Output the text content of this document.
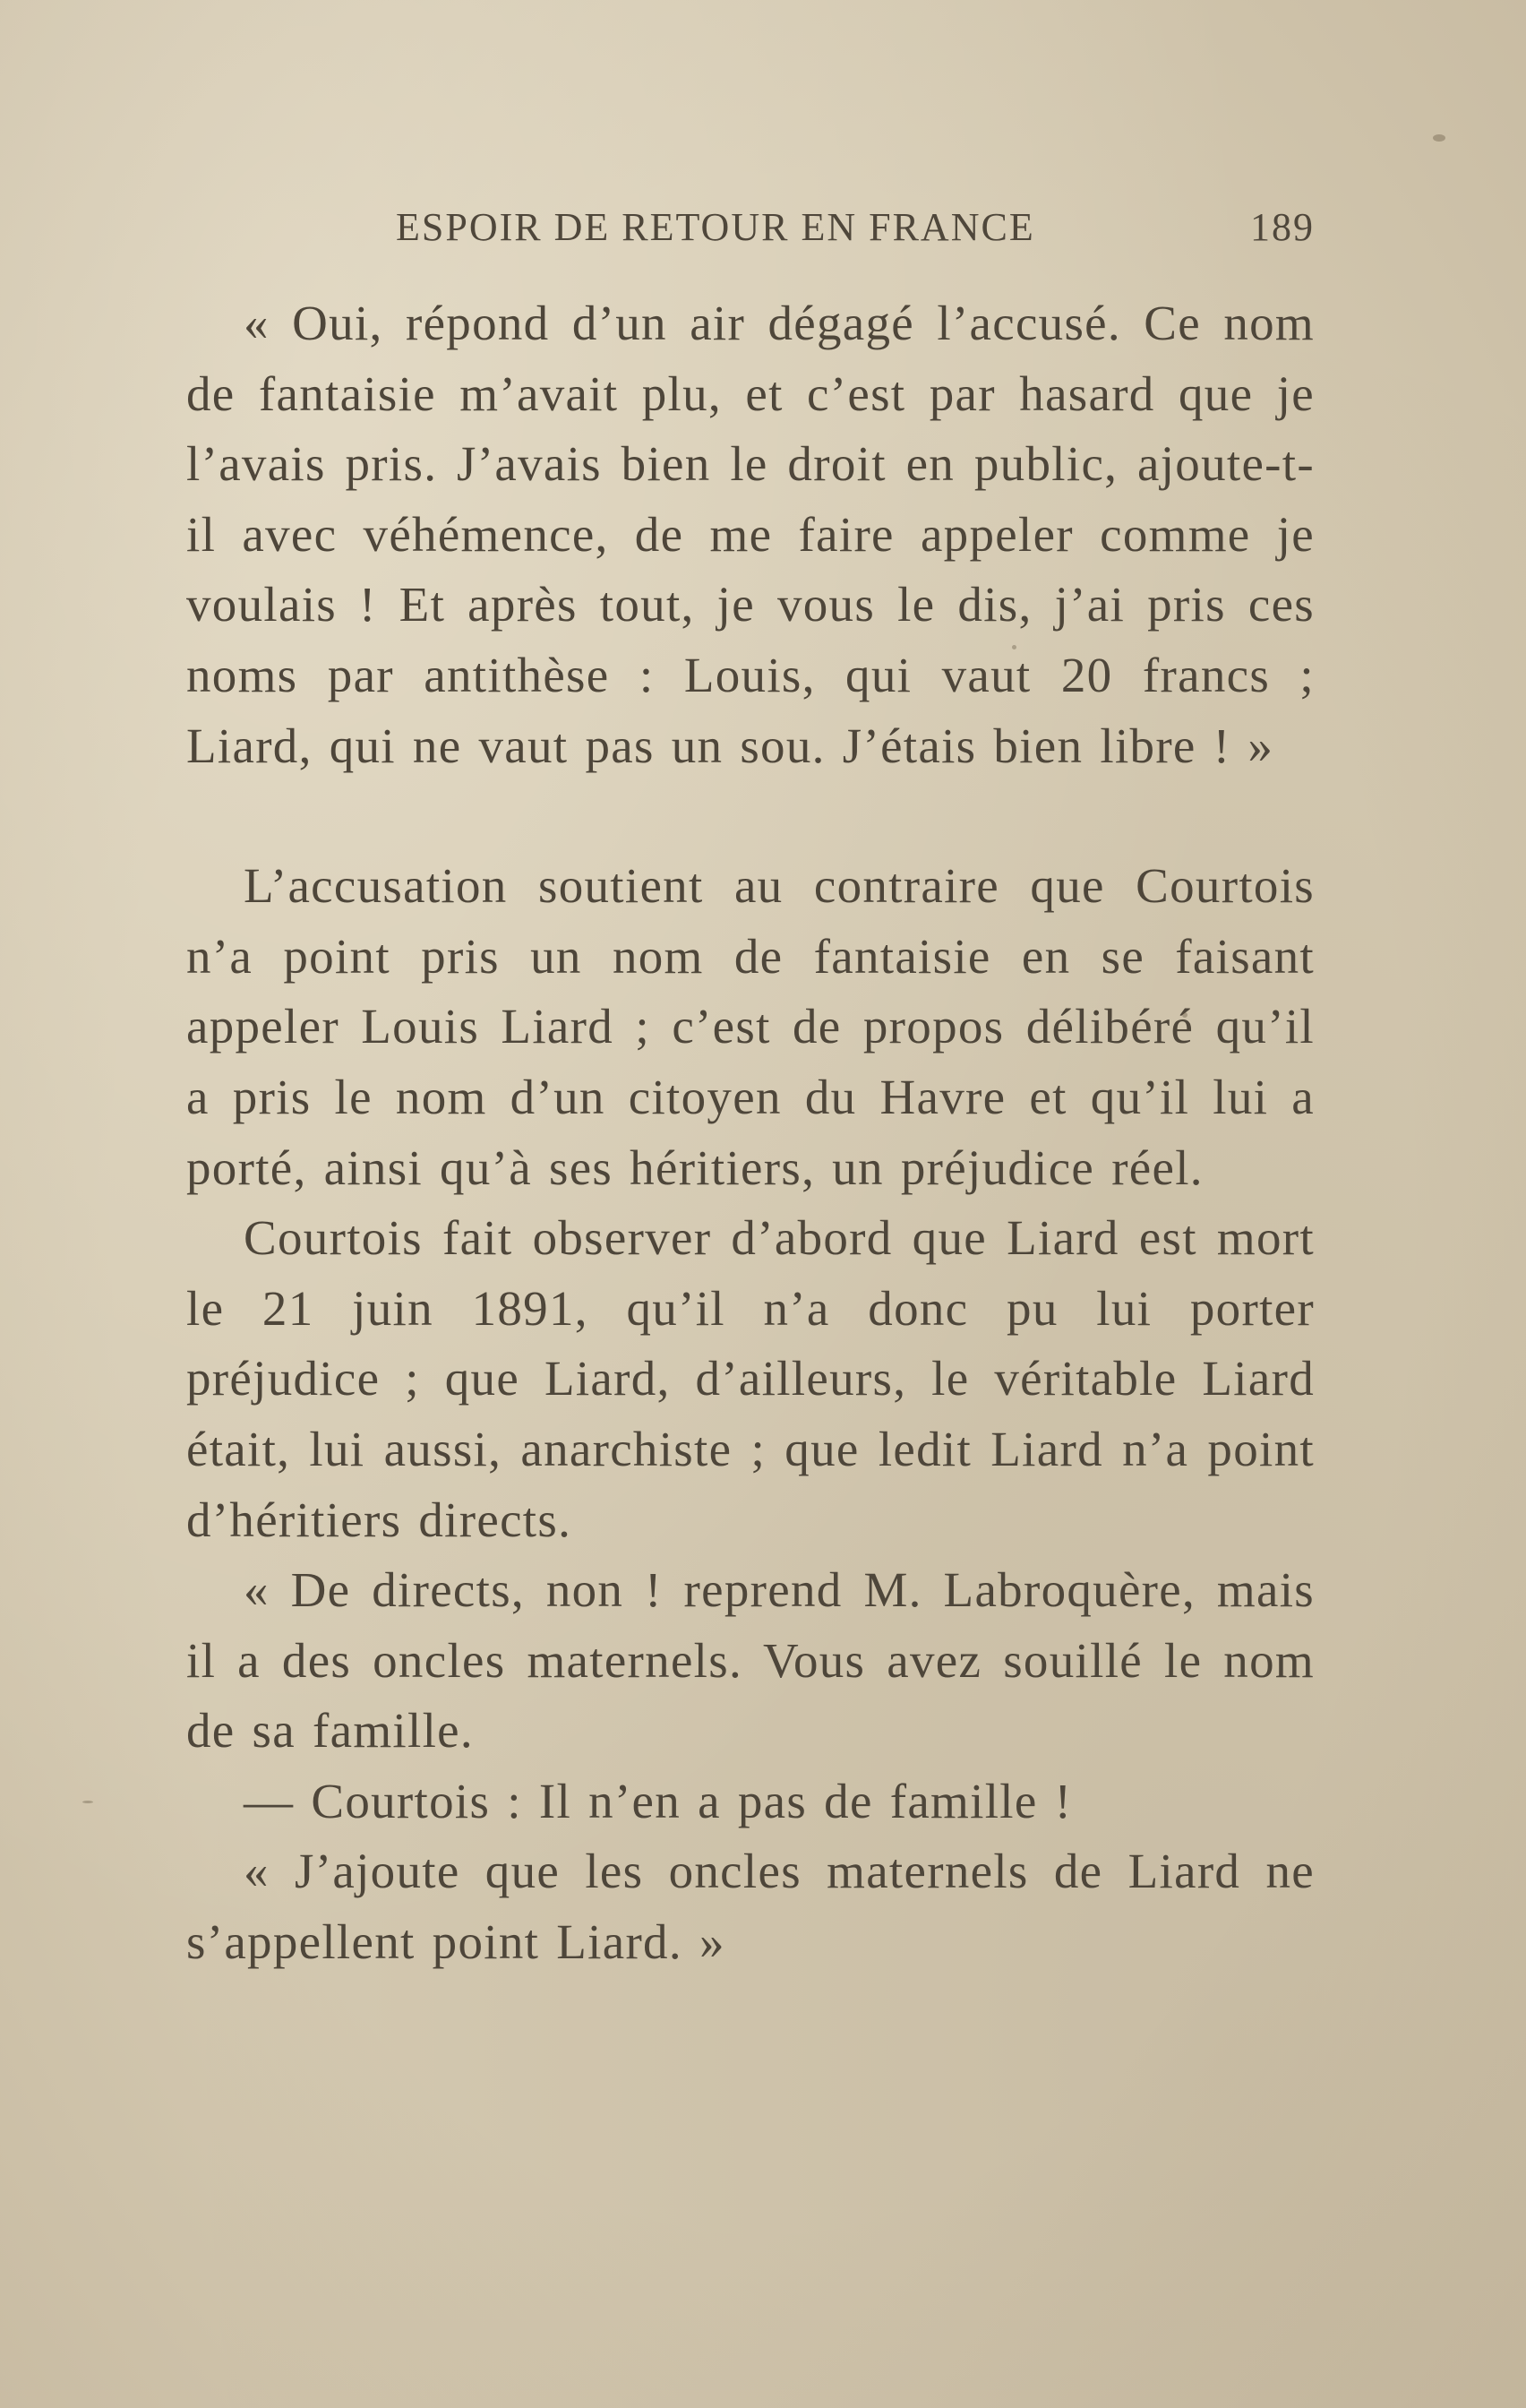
ESPOIR DE RETOUR EN FRANCE	189

« Oui, répond d’un air dégagé l’accusé. Ce nom de fantaisie m’avait plu, et c’est par hasard que je l’avais pris. J’avais bien le droit en public, ajoute-t-il avec véhémence, de me faire appeler comme je voulais ! Et après tout, je vous le dis, j’ai pris ces noms par antithèse : Louis, qui vaut 20 francs ; Liard, qui ne vaut pas un sou. J’étais bien libre ! »

L’accusation soutient au contraire que Courtois n’a point pris un nom de fantaisie en se faisant appeler Louis Liard ; c’est de propos délibéré qu’il a pris le nom d’un citoyen du Havre et qu’il lui a porté, ainsi qu’à ses héritiers, un préjudice réel.

Courtois fait observer d’abord que Liard est mort le 21 juin 1891, qu’il n’a donc pu lui porter préjudice ; que Liard, d’ailleurs, le véritable Liard était, lui aussi, anarchiste ; que ledit Liard n’a point d’héritiers directs.

« De directs, non ! reprend M. Labroquère, mais il a des oncles maternels. Vous avez souillé le nom de sa famille.

— Courtois : Il n’en a pas de famille !

« J’ajoute que les oncles maternels de Liard ne s’appellent point Liard. »
